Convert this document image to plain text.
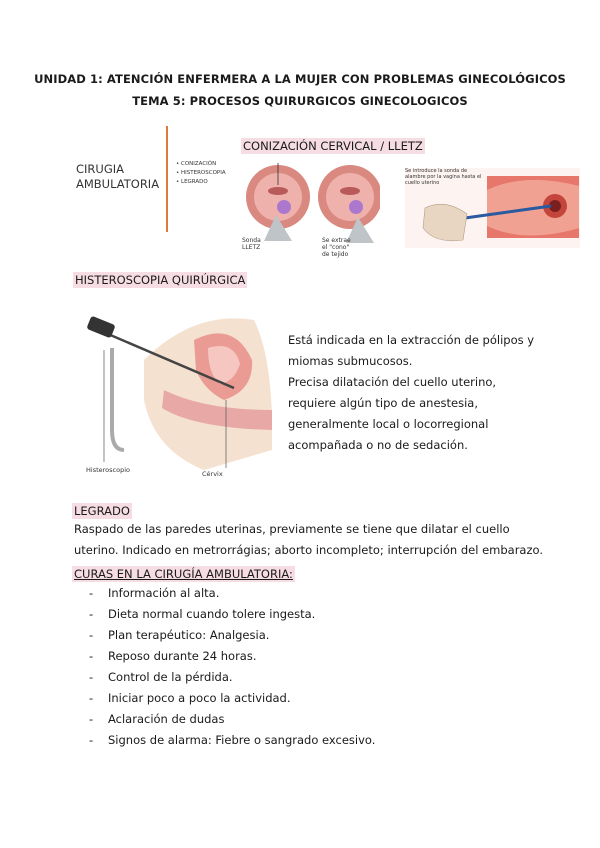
UNIDAD 1: ATENCIÓN ENFERMERA A LA MUJER CON PROBLEMAS GINECOLÓGICOS
TEMA 5: PROCESOS QUIRURGICOS GINECOLOGICOS
CIRUGIA
AMBULATORIA
• CONIZACIÓN
• HISTEROSCOPIA
• LEGRADO
CONIZACIÓN CERVICAL / LLETZ
Sonda LLETZ
Se extrae el "cono" de tejido
Se introduce la sonda de alambre por la vagina hasta el cuello uterino
HISTEROSCOPIA QUIRÚRGICA
Histeroscopio	Cérvix
Está indicada en la extracción de pólipos y
miomas submucosos.
Precisa dilatación del cuello uterino,
requiere algún tipo de anestesia,
generalmente local o locorregional
acompañada o no de sedación.
LEGRADO
Raspado de las paredes uterinas, previamente se tiene que dilatar el cuello
uterino. Indicado en metrorrágias; aborto incompleto; interrupción del embarazo.
CURAS EN LA CIRUGÍA AMBULATORIA:
- Información al alta.
- Dieta normal cuando tolere ingesta.
- Plan terapéutico: Analgesia.
- Reposo durante 24 horas.
- Control de la pérdida.
- Iniciar poco a poco la actividad.
- Aclaración de dudas
- Signos de alarma: Fiebre o sangrado excesivo.
